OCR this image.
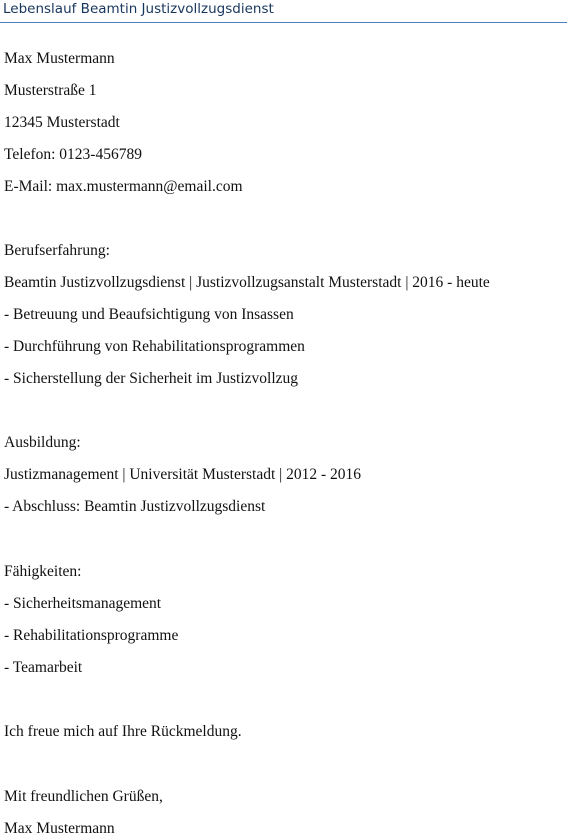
Lebenslauf Beamtin Justizvollzugsdienst
Max Mustermann
Musterstraße 1
12345 Musterstadt
Telefon: 0123-456789
E-Mail: max.mustermann@email.com
Berufserfahrung:
Beamtin Justizvollzugsdienst | Justizvollzugsanstalt Musterstadt | 2016 - heute
- Betreuung und Beaufsichtigung von Insassen
- Durchführung von Rehabilitationsprogrammen
- Sicherstellung der Sicherheit im Justizvollzug
Ausbildung:
Justizmanagement | Universität Musterstadt | 2012 - 2016
- Abschluss: Beamtin Justizvollzugsdienst
Fähigkeiten:
- Sicherheitsmanagement
- Rehabilitationsprogramme
- Teamarbeit
Ich freue mich auf Ihre Rückmeldung.
Mit freundlichen Grüßen,
Max Mustermann
